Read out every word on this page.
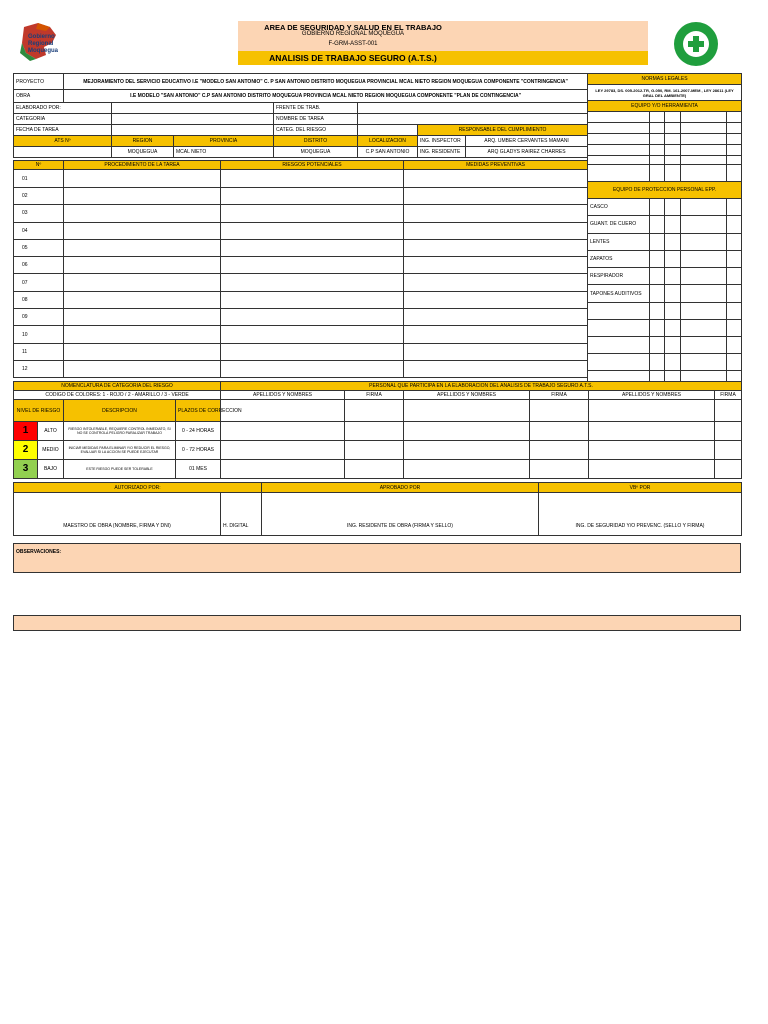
Gobierno
Regional
Moquegua
AREA DE SEGURIDAD Y SALUD EN EL TRABAJO
GOBIERNO REGIONAL MOQUEGUA
F-GRM-ASST-001
ANALISIS DE TRABAJO SEGURO (A.T.S.)
PROYECTO	MEJORAMIENTO DEL SERVICIO EDUCATIVO I.E "MODELO SAN ANTONIO" C. P SAN ANTONIO DISTRITO MOQUEGUA PROVINCIAL MCAL NIETO REGION MOQUEGUA COMPONENTE "CONTRINGENCIA"						
OBRA	I.E MODELO "SAN ANTONIO" C.P SAN ANTONIO DISTRITO MOQUEGUA PROVINCIA MCAL NIETO REGION MOQUEGUA COMPONENTE "PLAN DE CONTINGENCIA"						
ELABORADO POR:				FRENTE DE TRAB.			
CATEGORIA				NOMBRE DE TAREA			
FECHA DE TAREA				CATEG. DEL RIESGO		RESPONSABLE DEL CUMPLIMIENTO	
ATS Nº		REGION	PROVINCIA	DISTRITO	LOCALIZACION	ING. INSPECTOR	ARQ. UMBER CERVANTES MAMANI
		MOQUEGUA	MCAL NIETO	MOQUEGUA	C.P SAN ANTONIO	ING. RESIDENTE	ARQ GLADYS RAIREZ CHARRES
Nº	PROCEDIMIENTO DE LA TAREA	RIESGOS POTENCIALES	MEDIDAS PREVENTIVAS
01			
02			
03			
04			
05			
06			
07			
08			
09			
10			
11			
12			
NORMAS LEGALES				
LEY 29783, DS. 005-2012-TR, G-050, RM. 161-2007-MEM , LEY 28611 (LEY GRAL DEL AMBIENTE)				
EQUIPO Y/O HERRAMIENTA				

EQUIPO DE PROTECCION PERSONAL EPP.				
CASCO				
GUANT. DE CUERO				
LENTES				
ZAPATOS				
RESPIRADOR				
TAPONES AUDITIVOS				

NOMENCLATURA DE CATEGORIA DEL RIESGO			
CODIGO DE COLORES: 1 - ROJO / 2 - AMARILLO / 3 - VERDE			
NIVEL DE RIESGO		DESCRIPCION	PLAZOS DE CORRECCION
1	ALTO	RIESGO INTOLERABLE, REQUIERE CONTROL INMEDIATO, SI NO SE CONTROLA PELIGRO PARALIZAR TRABAJO	0 - 24 HORAS
2	MEDIO	INICIAR MEDIDAS PARA ELIMINAR Y/O REDUCIR EL RIESGO, EVALUAR SI LA ACCION SE PUEDE EJECUTAR	0 - 72 HORAS
3	BAJO	ESTE RIESGO PUEDE SER TOLERABLE	01 MES
PERSONAL QUE PARTICIPA EN LA ELABORACION DEL ANALISIS DE TRABAJO SEGURO A.T.S.					
APELLIDOS Y NOMBRES	FIRMA	APELLIDOS Y NOMBRES	FIRMA	APELLIDOS Y NOMBRES	FIRMA

AUTORIZADO POR:		APROBADO POR	VBº POR
MAESTRO DE OBRA (NOMBRE, FIRMA Y DNI)	H. DIGITAL	ING. RESIDENTE DE OBRA (FIRMA Y SELLO)	ING. DE SEGURIDAD Y/O PREVENC. (SELLO Y FIRMA)
OBSERVACIONES:
